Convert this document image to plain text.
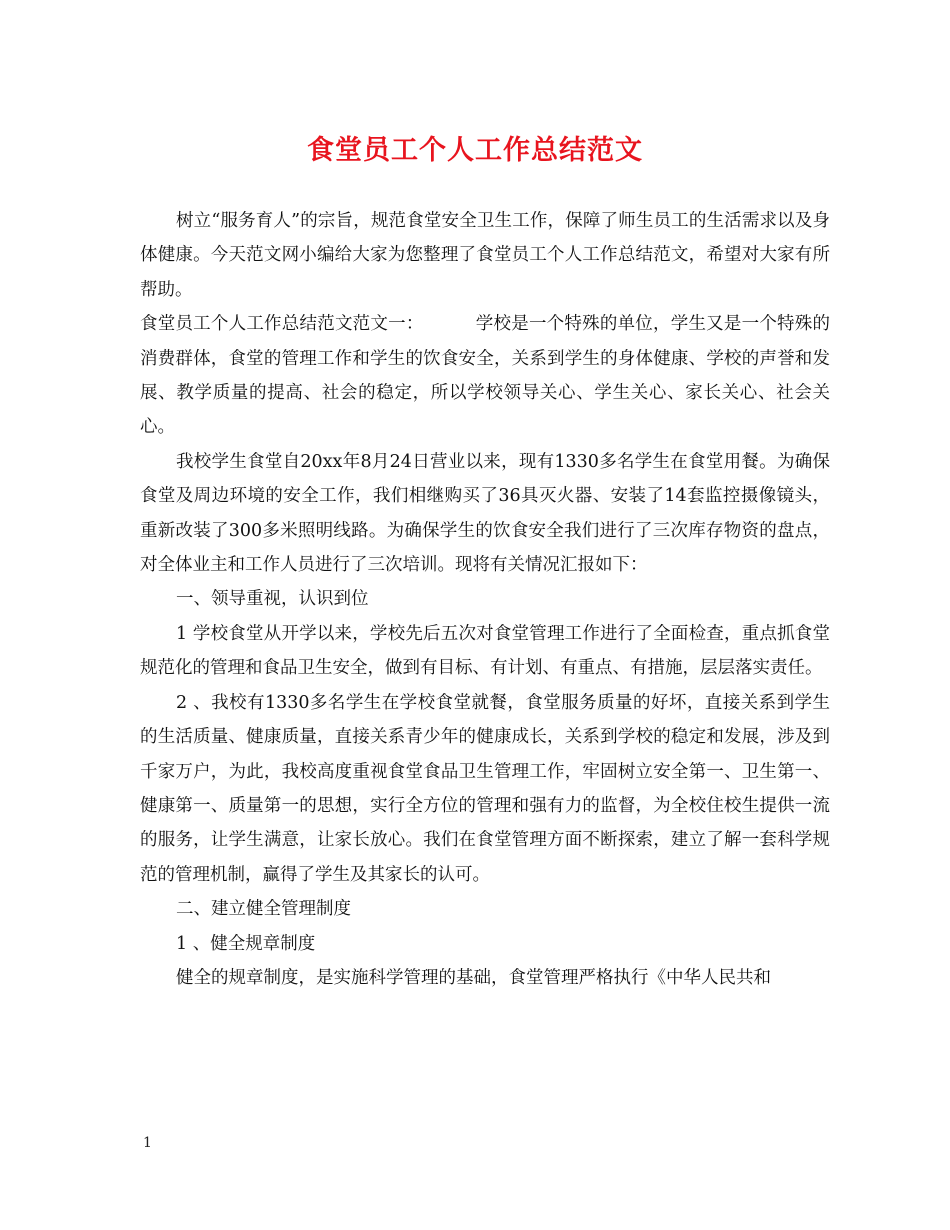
食堂员工个人工作总结范文

树立“服务育人”的宗旨，规范食堂安全卫生工作，保障了师生员工的生活需求以及身体健康。今天范文网小编给大家为您整理了食堂员工个人工作总结范文，希望对大家有所帮助。

食堂员工个人工作总结范文范文一：	学校是一个特殊的单位，学生又是一个特殊的消费群体，食堂的管理工作和学生的饮食安全，关系到学生的身体健康、学校的声誉和发展、教学质量的提高、社会的稳定，所以学校领导关心、学生关心、家长关心、社会关心。

我校学生食堂自20xx年8月24日营业以来，现有1330多名学生在食堂用餐。为确保食堂及周边环境的安全工作，我们相继购买了36具灭火器、安装了14套监控摄像镜头，重新改装了300多米照明线路。为确保学生的饮食安全我们进行了三次库存物资的盘点，对全体业主和工作人员进行了三次培训。现将有关情况汇报如下：

一、领导重视，认识到位

1 学校食堂从开学以来，学校先后五次对食堂管理工作进行了全面检查，重点抓食堂规范化的管理和食品卫生安全，做到有目标、有计划、有重点、有措施，层层落实责任。

2 、我校有1330多名学生在学校食堂就餐，食堂服务质量的好坏，直接关系到学生的生活质量、健康质量，直接关系青少年的健康成长，关系到学校的稳定和发展，涉及到千家万户，为此，我校高度重视食堂食品卫生管理工作，牢固树立安全第一、卫生第一、健康第一、质量第一的思想，实行全方位的管理和强有力的监督，为全校住校生提供一流的服务，让学生满意，让家长放心。我们在食堂管理方面不断探索，建立了解一套科学规范的管理机制，赢得了学生及其家长的认可。

二、建立健全管理制度

1 、健全规章制度

健全的规章制度，是实施科学管理的基础，食堂管理严格执行《中华人民共和

1
